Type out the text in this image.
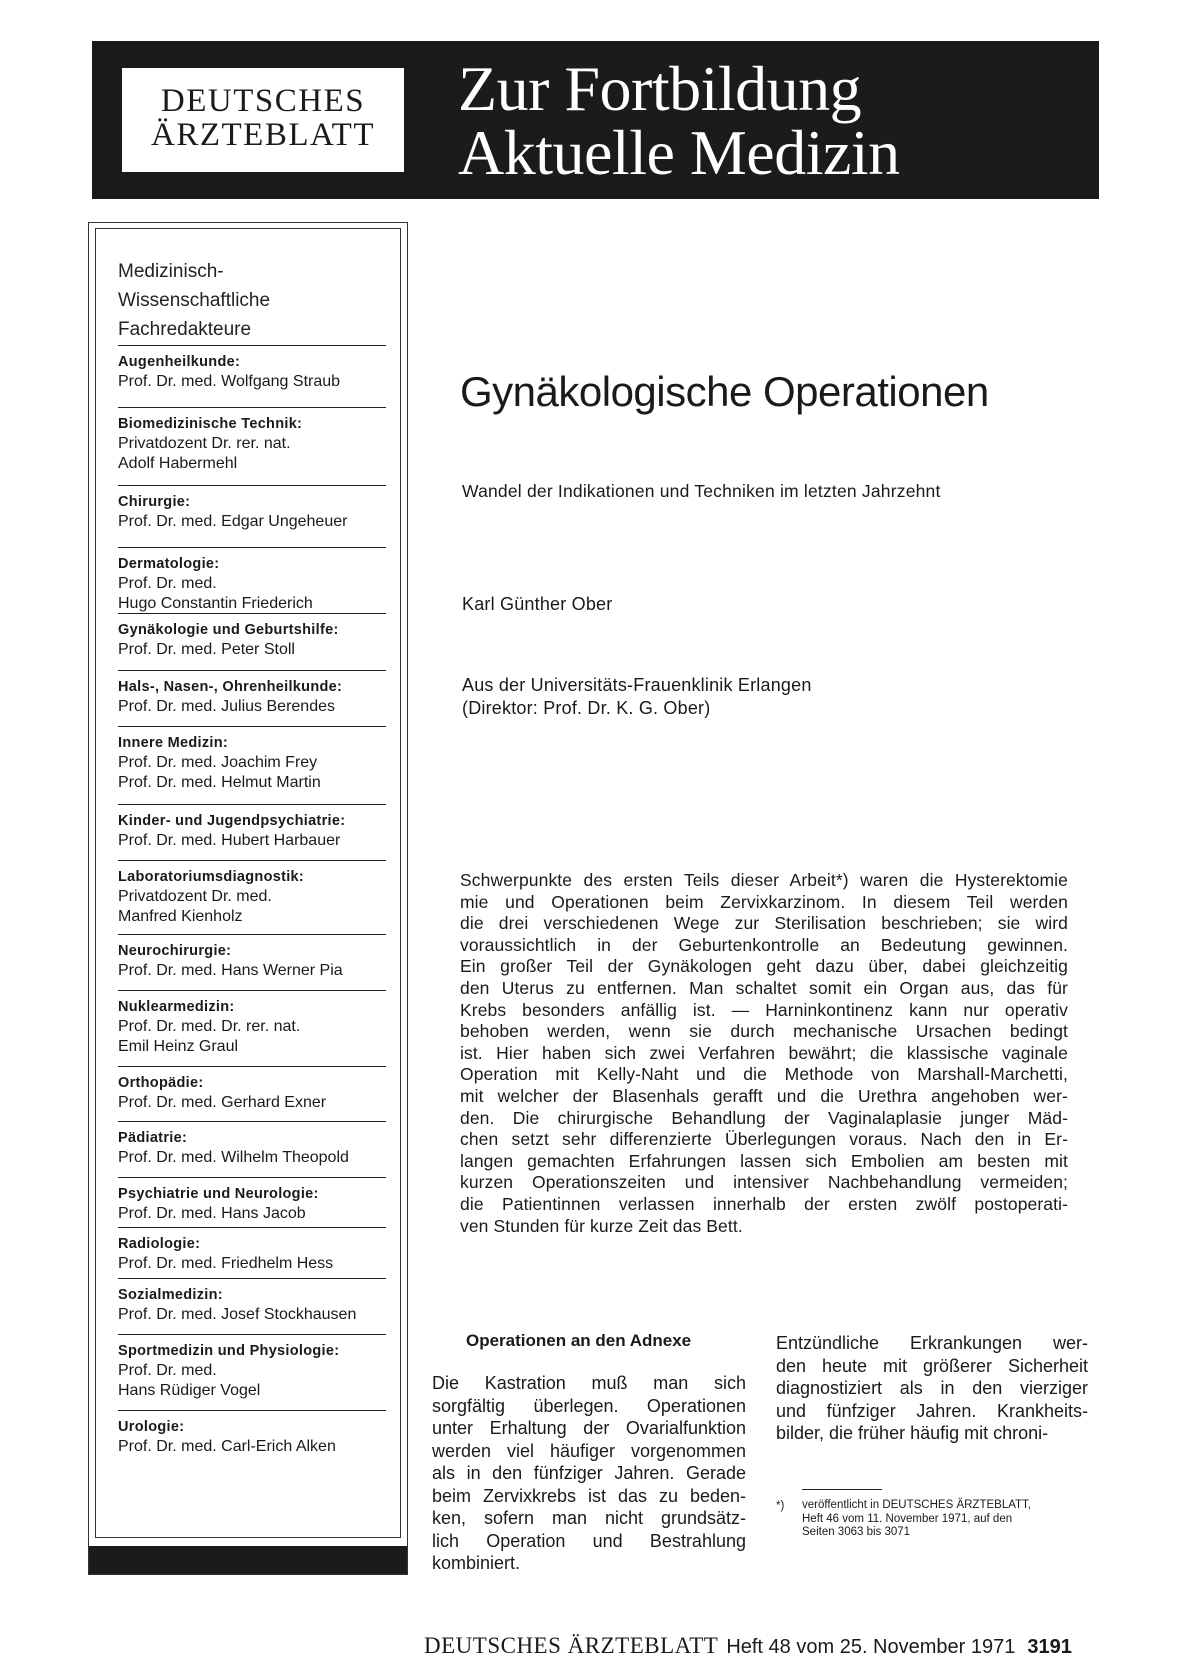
DEUTSCHES
ÄRZTEBLATT
Zur Fortbildung
Aktuelle Medizin
Medizinisch-
Wissenschaftliche
Fachredakteure
Augenheilkunde:
Prof. Dr. med. Wolfgang Straub
Biomedizinische Technik:
Privatdozent Dr. rer. nat.
Adolf Habermehl
Chirurgie:
Prof. Dr. med. Edgar Ungeheuer
Dermatologie:
Prof. Dr. med.
Hugo Constantin Friederich
Gynäkologie und Geburtshilfe:
Prof. Dr. med. Peter Stoll
Hals-, Nasen-, Ohrenheilkunde:
Prof. Dr. med. Julius Berendes
Innere Medizin:
Prof. Dr. med. Joachim Frey
Prof. Dr. med. Helmut Martin
Kinder- und Jugendpsychiatrie:
Prof. Dr. med. Hubert Harbauer
Laboratoriumsdiagnostik:
Privatdozent Dr. med.
Manfred Kienholz
Neurochirurgie:
Prof. Dr. med. Hans Werner Pia
Nuklearmedizin:
Prof. Dr. med. Dr. rer. nat.
Emil Heinz Graul
Orthopädie:
Prof. Dr. med. Gerhard Exner
Pädiatrie:
Prof. Dr. med. Wilhelm Theopold
Psychiatrie und Neurologie:
Prof. Dr. med. Hans Jacob
Radiologie:
Prof. Dr. med. Friedhelm Hess
Sozialmedizin:
Prof. Dr. med. Josef Stockhausen
Sportmedizin und Physiologie:
Prof. Dr. med.
Hans Rüdiger Vogel
Urologie:
Prof. Dr. med. Carl-Erich Alken
Gynäkologische Operationen
Wandel der Indikationen und Techniken im letzten Jahrzehnt
Karl Günther Ober
Aus der Universitäts-Frauenklinik Erlangen
(Direktor: Prof. Dr. K. G. Ober)
Schwerpunkte des ersten Teils dieser Arbeit*) waren die Hysterektomie
mie und Operationen beim Zervixkarzinom. In diesem Teil werden
die drei verschiedenen Wege zur Sterilisation beschrieben; sie wird
voraussichtlich in der Geburtenkontrolle an Bedeutung gewinnen.
Ein großer Teil der Gynäkologen geht dazu über, dabei gleichzeitig
den Uterus zu entfernen. Man schaltet somit ein Organ aus, das für
Krebs besonders anfällig ist. — Harninkontinenz kann nur operativ
behoben werden, wenn sie durch mechanische Ursachen bedingt
ist. Hier haben sich zwei Verfahren bewährt; die klassische vaginale
Operation mit Kelly-Naht und die Methode von Marshall-Marchetti,
mit welcher der Blasenhals gerafft und die Urethra angehoben wer-
den. Die chirurgische Behandlung der Vaginalaplasie junger Mäd-
chen setzt sehr differenzierte Überlegungen voraus. Nach den in Er-
langen gemachten Erfahrungen lassen sich Embolien am besten mit
kurzen Operationszeiten und intensiver Nachbehandlung vermeiden;
die Patientinnen verlassen innerhalb der ersten zwölf postoperati-
ven Stunden für kurze Zeit das Bett.
Operationen an den Adnexe
Die Kastration muß man sich
sorgfältig überlegen. Operationen
unter Erhaltung der Ovarialfunktion
werden viel häufiger vorgenommen
als in den fünfziger Jahren. Gerade
beim Zervixkrebs ist das zu beden-
ken, sofern man nicht grundsätz-
lich Operation und Bestrahlung
kombiniert.
Entzündliche Erkrankungen wer-
den heute mit größerer Sicherheit
diagnostiziert als in den vierziger
und fünfziger Jahren. Krankheits-
bilder, die früher häufig mit chroni-
*) veröffentlicht in DEUTSCHES ÄRZTEBLATT,
Heft 46 vom 11. November 1971, auf den
Seiten 3063 bis 3071
DEUTSCHES ÄRZTEBLATT Heft 48 vom 25. November 1971 3191
